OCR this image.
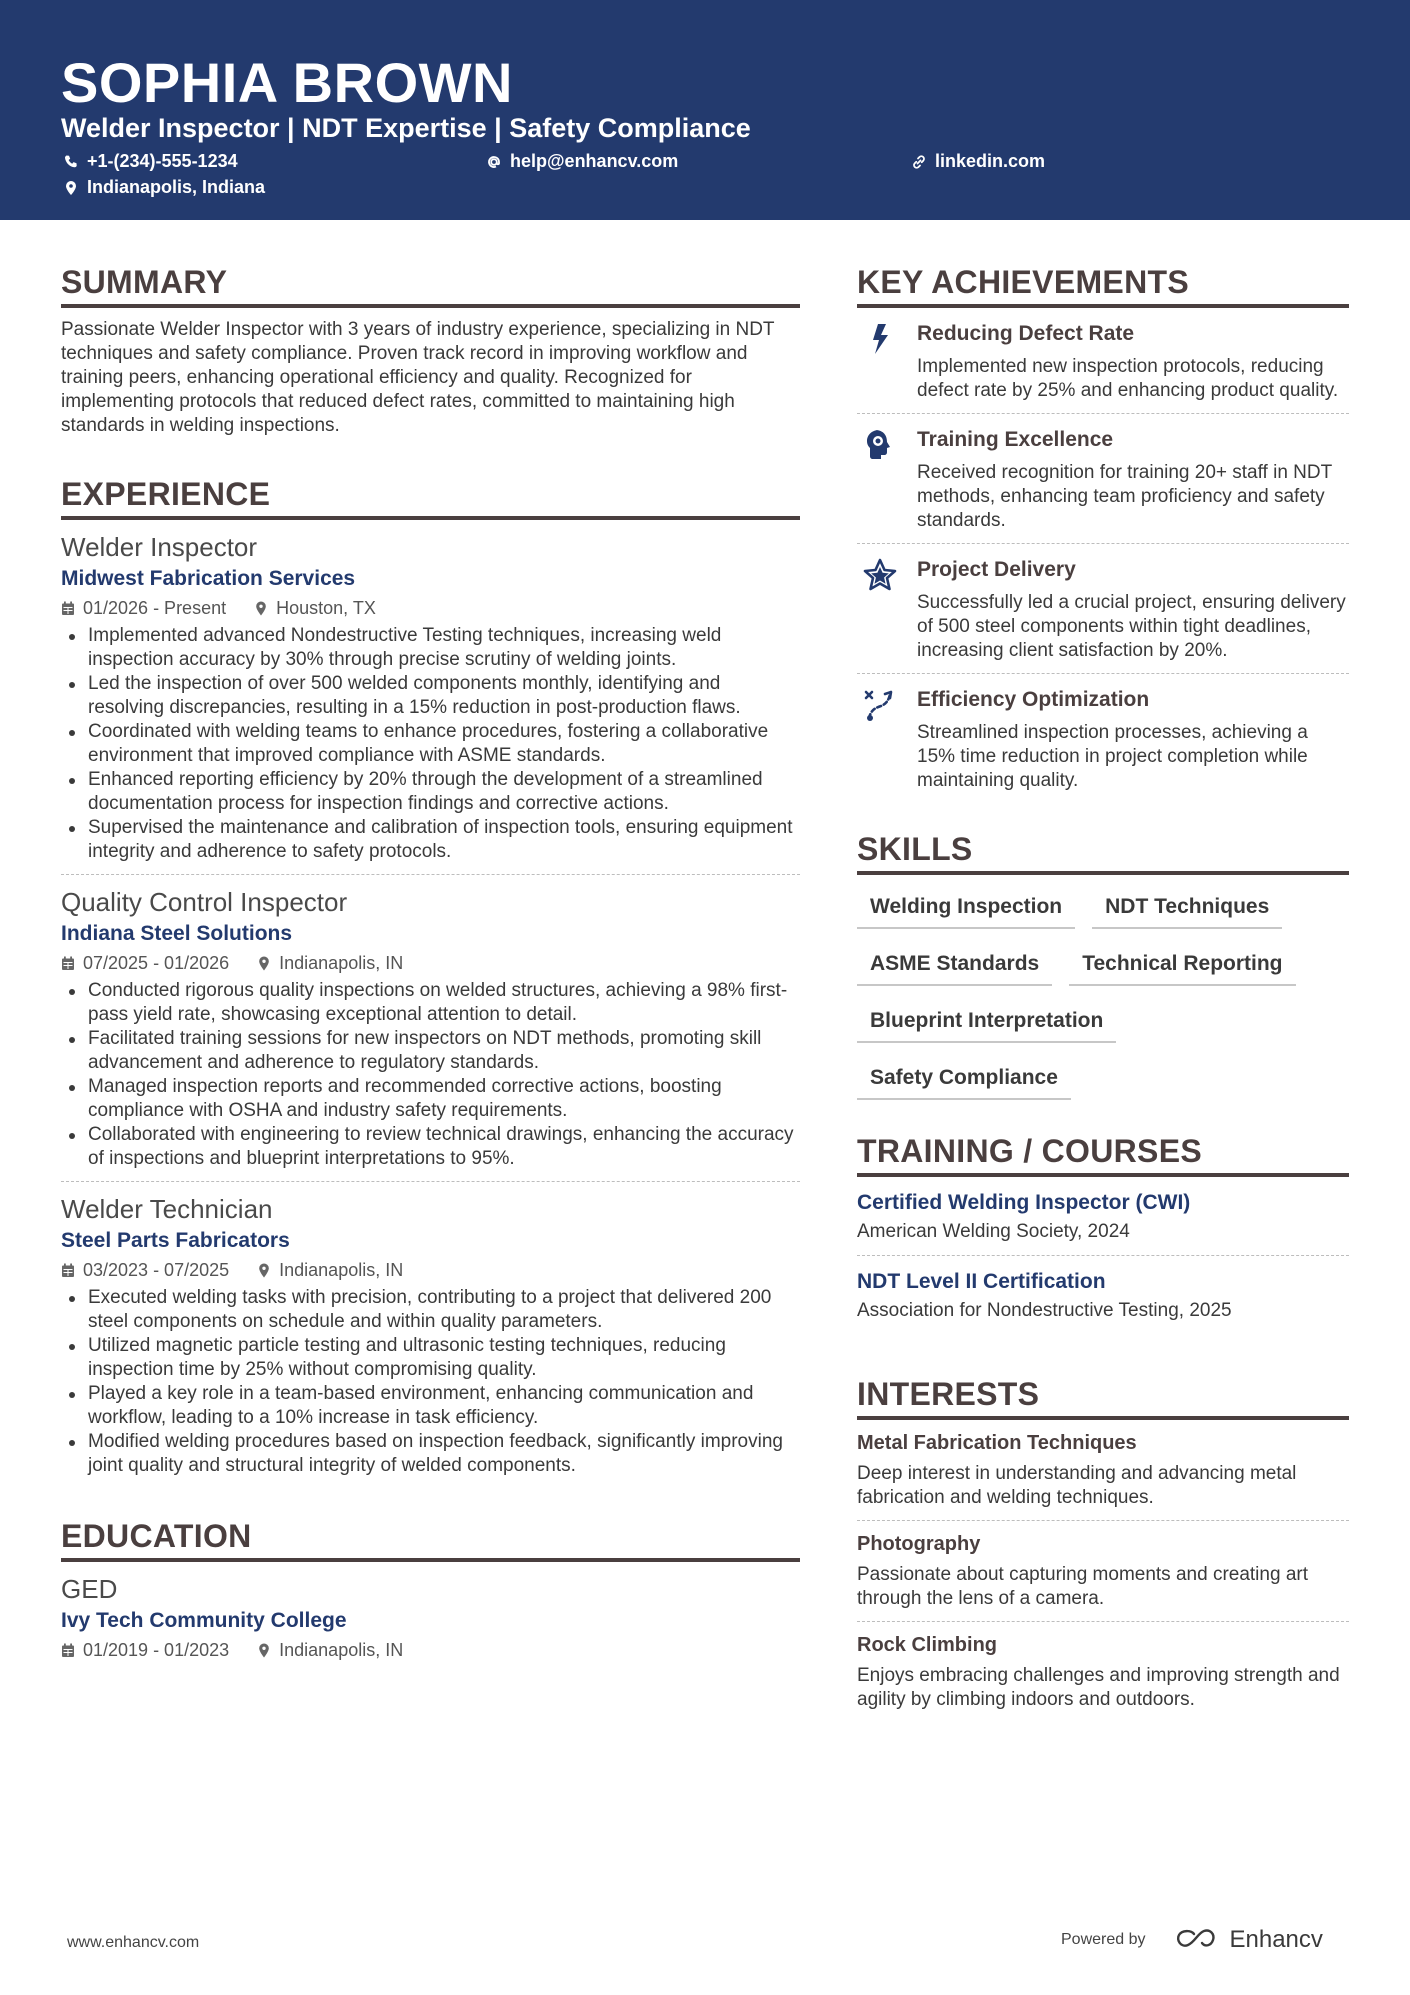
SOPHIA BROWN
Welder Inspector | NDT Expertise | Safety Compliance
+1-(234)-555-1234	help@enhancv.com	linkedin.com
Indianapolis, Indiana
SUMMARY
Passionate Welder Inspector with 3 years of industry experience, specializing in NDT techniques and safety compliance. Proven track record in improving workflow and training peers, enhancing operational efficiency and quality. Recognized for implementing protocols that reduced defect rates, committed to maintaining high standards in welding inspections.
EXPERIENCE
Welder Inspector
Midwest Fabrication Services
01/2026 - Present	Houston, TX
Implemented advanced Nondestructive Testing techniques, increasing weld inspection accuracy by 30% through precise scrutiny of welding joints.
Led the inspection of over 500 welded components monthly, identifying and resolving discrepancies, resulting in a 15% reduction in post-production flaws.
Coordinated with welding teams to enhance procedures, fostering a collaborative environment that improved compliance with ASME standards.
Enhanced reporting efficiency by 20% through the development of a streamlined documentation process for inspection findings and corrective actions.
Supervised the maintenance and calibration of inspection tools, ensuring equipment integrity and adherence to safety protocols.
Quality Control Inspector
Indiana Steel Solutions
07/2025 - 01/2026	Indianapolis, IN
Conducted rigorous quality inspections on welded structures, achieving a 98% first-pass yield rate, showcasing exceptional attention to detail.
Facilitated training sessions for new inspectors on NDT methods, promoting skill advancement and adherence to regulatory standards.
Managed inspection reports and recommended corrective actions, boosting compliance with OSHA and industry safety requirements.
Collaborated with engineering to review technical drawings, enhancing the accuracy of inspections and blueprint interpretations to 95%.
Welder Technician
Steel Parts Fabricators
03/2023 - 07/2025	Indianapolis, IN
Executed welding tasks with precision, contributing to a project that delivered 200 steel components on schedule and within quality parameters.
Utilized magnetic particle testing and ultrasonic testing techniques, reducing inspection time by 25% without compromising quality.
Played a key role in a team-based environment, enhancing communication and workflow, leading to a 10% increase in task efficiency.
Modified welding procedures based on inspection feedback, significantly improving joint quality and structural integrity of welded components.
EDUCATION
GED
Ivy Tech Community College
01/2019 - 01/2023	Indianapolis, IN
KEY ACHIEVEMENTS
Reducing Defect Rate
Implemented new inspection protocols, reducing defect rate by 25% and enhancing product quality.
Training Excellence
Received recognition for training 20+ staff in NDT methods, enhancing team proficiency and safety standards.
Project Delivery
Successfully led a crucial project, ensuring delivery of 500 steel components within tight deadlines, increasing client satisfaction by 20%.
Efficiency Optimization
Streamlined inspection processes, achieving a 15% time reduction in project completion while maintaining quality.
SKILLS
Welding Inspection	NDT Techniques
ASME Standards	Technical Reporting
Blueprint Interpretation
Safety Compliance
TRAINING / COURSES
Certified Welding Inspector (CWI)
American Welding Society, 2024
NDT Level II Certification
Association for Nondestructive Testing, 2025
INTERESTS
Metal Fabrication Techniques
Deep interest in understanding and advancing metal fabrication and welding techniques.
Photography
Passionate about capturing moments and creating art through the lens of a camera.
Rock Climbing
Enjoys embracing challenges and improving strength and agility by climbing indoors and outdoors.
www.enhancv.com	Powered by	Enhancv
